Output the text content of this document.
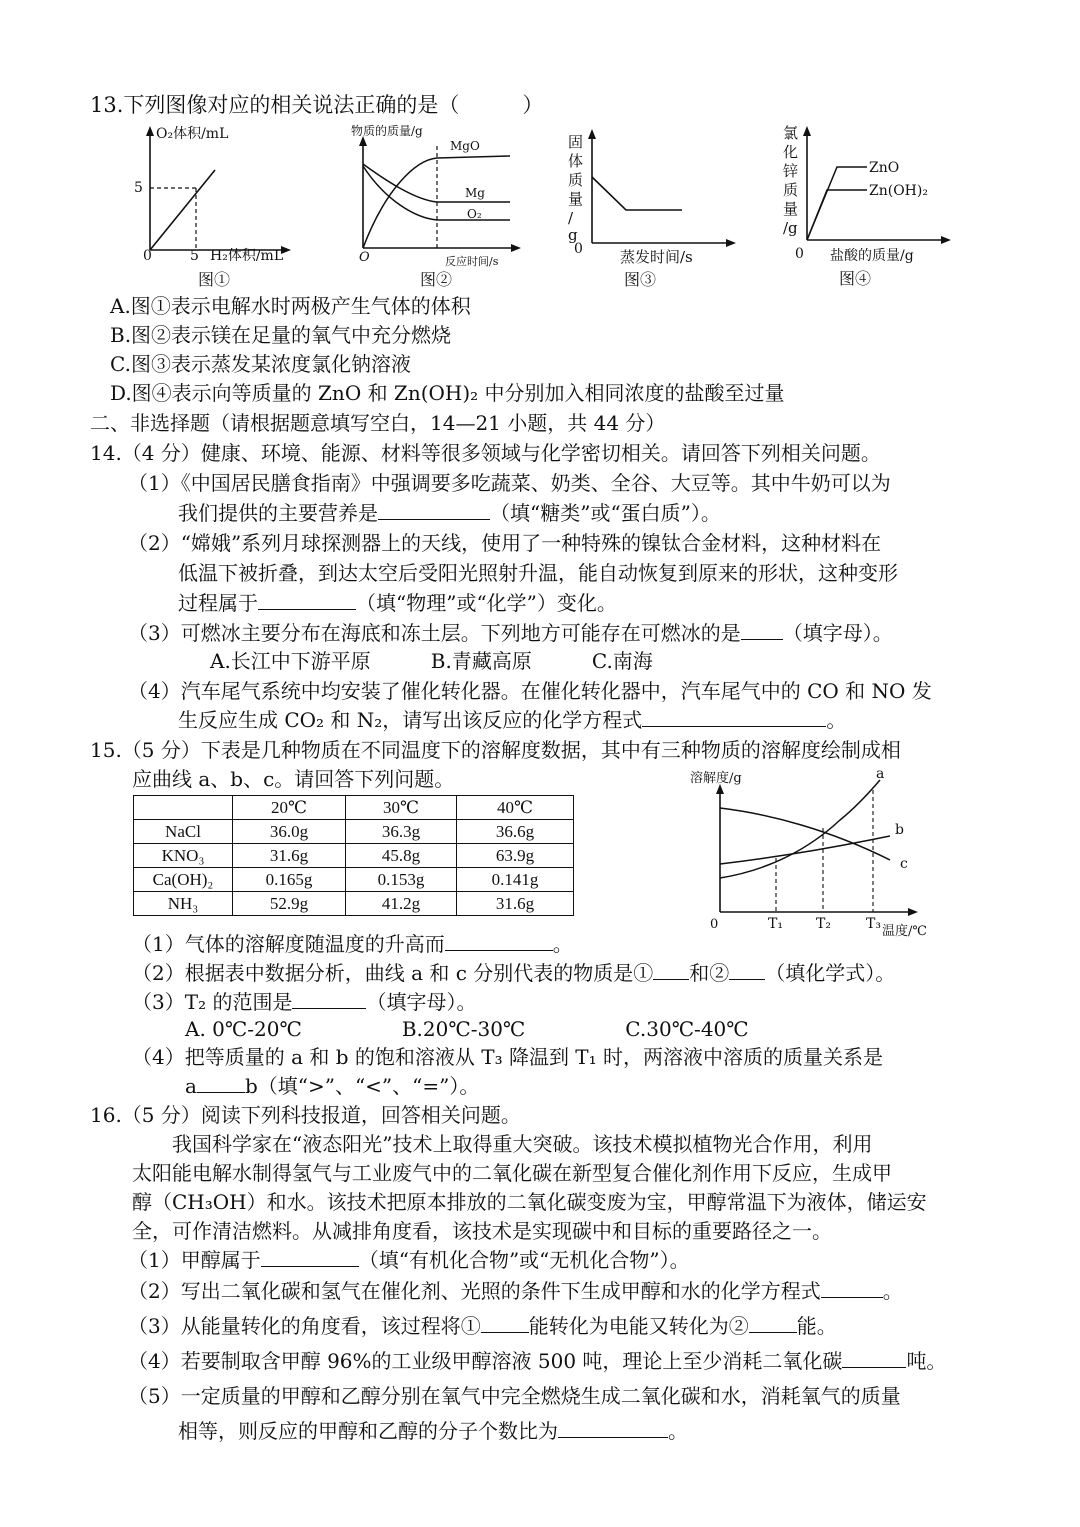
13.下列图像对应的相关说法正确的是（　　　）
O₂体积/mL
H₂体积/mL
0	5
5
图①
物质的质量/g
反应时间/s
O
MgO
Mg
O₂
图②
固体质量/ g
0 蒸发时间/s
图③
氯化锌质量/g
ZnO
Zn(OH)₂
0 盐酸的质量/g
图④
A.图①表示电解水时两极产生气体的体积
B.图②表示镁在足量的氧气中充分燃烧
C.图③表示蒸发某浓度氯化钠溶液
D.图④表示向等质量的 ZnO 和 Zn(OH)₂ 中分别加入相同浓度的盐酸至过量
二、非选择题（请根据题意填写空白，14—21 小题，共 44 分）
14.（4 分）健康、环境、能源、材料等很多领域与化学密切相关。请回答下列相关问题。
（1）《中国居民膳食指南》中强调要多吃蔬菜、奶类、全谷、大豆等。其中牛奶可以为
我们提供的主要营养是	（填“糖类”或“蛋白质”）。
（2）“嫦娥”系列月球探测器上的天线，使用了一种特殊的镍钛合金材料，这种材料在
低温下被折叠，到达太空后受阳光照射升温，能自动恢复到原来的形状，这种变形
过程属于	（填“物理”或“化学”）变化。
（3）可燃冰主要分布在海底和冻土层。下列地方可能存在可燃冰的是 （填字母）。
A.长江中下游平原　　　B.青藏高原　　　C.南海
（4）汽车尾气系统中均安装了催化转化器。在催化转化器中，汽车尾气中的 CO 和 NO 发
生反应生成 CO₂ 和 N₂，请写出该反应的化学方程式	。
15.（5 分）下表是几种物质在不同温度下的溶解度数据，其中有三种物质的溶解度绘制成相
应曲线 a、b、c。请回答下列问题。
	20℃	30℃	40℃
NaCl	36.0g	36.3g	36.6g
KNO₃	31.6g	45.8g	63.9g
Ca(OH)₂	0.165g	0.153g	0.141g
NH₃	52.9g	41.2g	31.6g
溶解度/g
0	T₁ T₂	T₃ 温度/℃
a
b
c
（1）气体的溶解度随温度的升高而	。
（2）根据表中数据分析，曲线 a 和 c 分别代表的物质是① 和② （填化学式）。
（3）T₂ 的范围是	（填字母）。
A. 0℃-20℃　　　　　B.20℃-30℃　　　　　C.30℃-40℃
（4）把等质量的 a 和 b 的饱和溶液从 T₃ 降温到 T₁ 时，两溶液中溶质的质量关系是
a b（填“>”、“<”、“=”）。
16.（5 分）阅读下列科技报道，回答相关问题。
我国科学家在“液态阳光”技术上取得重大突破。该技术模拟植物光合作用，利用
太阳能电解水制得氢气与工业废气中的二氧化碳在新型复合催化剂作用下反应，生成甲
醇（CH₃OH）和水。该技术把原本排放的二氧化碳变废为宝，甲醇常温下为液体，储运安
全，可作清洁燃料。从减排角度看，该技术是实现碳中和目标的重要路径之一。
（1）甲醇属于	（填“有机化合物”或“无机化合物”）。
（2）写出二氧化碳和氢气在催化剂、光照的条件下生成甲醇和水的化学方程式	。
（3）从能量转化的角度看，该过程将① 能转化为电能又转化为② 能。
（4）若要制取含甲醇 96%的工业级甲醇溶液 500 吨，理论上至少消耗二氧化碳	吨。
（5）一定质量的甲醇和乙醇分别在氧气中完全燃烧生成二氧化碳和水，消耗氧气的质量
相等，则反应的甲醇和乙醇的分子个数比为	。
